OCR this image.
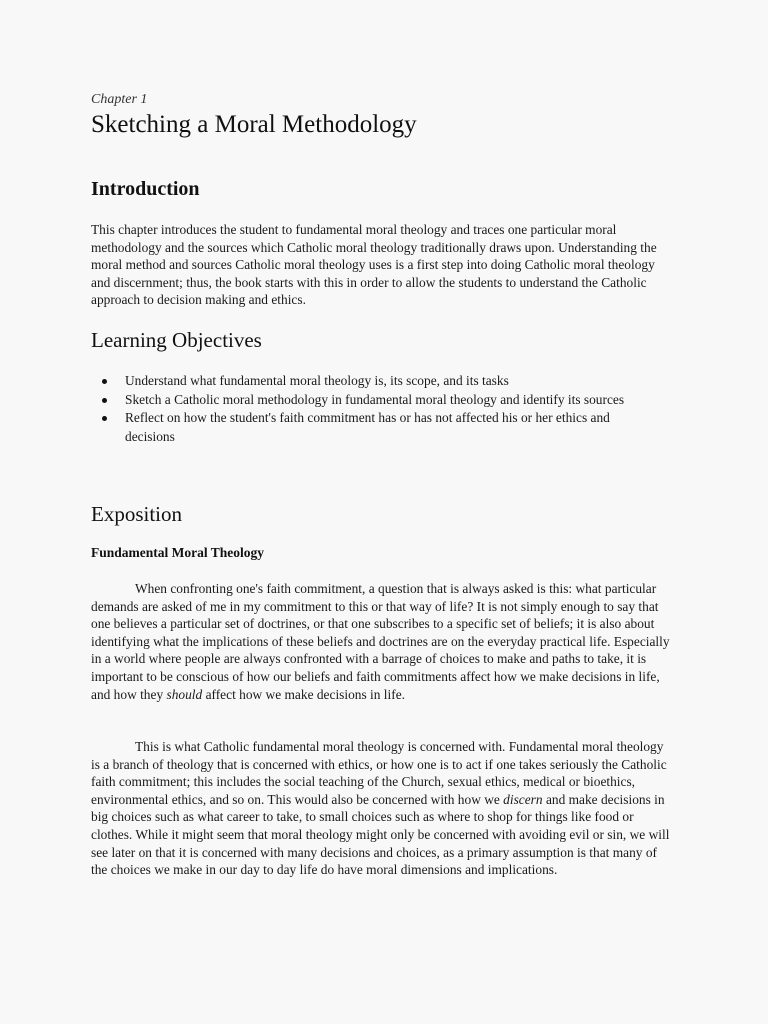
Chapter 1
Sketching a Moral Methodology
Introduction

This chapter introduces the student to fundamental moral theology and traces one particular moral methodology and the sources which Catholic moral theology traditionally draws upon. Understanding the moral method and sources Catholic moral theology uses is a first step into doing Catholic moral theology and discernment; thus, the book starts with this in order to allow the students to understand the Catholic approach to decision making and ethics.

Learning Objectives
Understand what fundamental moral theology is, its scope, and its tasks
Sketch a Catholic moral methodology in fundamental moral theology and identify its sources
Reflect on how the student's faith commitment has or has not affected his or her ethics and decisions
Exposition
Fundamental Moral Theology

When confronting one's faith commitment, a question that is always asked is this: what particular demands are asked of me in my commitment to this or that way of life? It is not simply enough to say that one believes a particular set of doctrines, or that one subscribes to a specific set of beliefs; it is also about identifying what the implications of these beliefs and doctrines are on the everyday practical life. Especially in a world where people are always confronted with a barrage of choices to make and paths to take, it is important to be conscious of how our beliefs and faith commitments affect how we make decisions in life, and how they should affect how we make decisions in life.

This is what Catholic fundamental moral theology is concerned with. Fundamental moral theology is a branch of theology that is concerned with ethics, or how one is to act if one takes seriously the Catholic faith commitment; this includes the social teaching of the Church, sexual ethics, medical or bioethics, environmental ethics, and so on. This would also be concerned with how we discern and make decisions in big choices such as what career to take, to small choices such as where to shop for things like food or clothes. While it might seem that moral theology might only be concerned with avoiding evil or sin, we will see later on that it is concerned with many decisions and choices, as a primary assumption is that many of the choices we make in our day to day life do have moral dimensions and implications.
